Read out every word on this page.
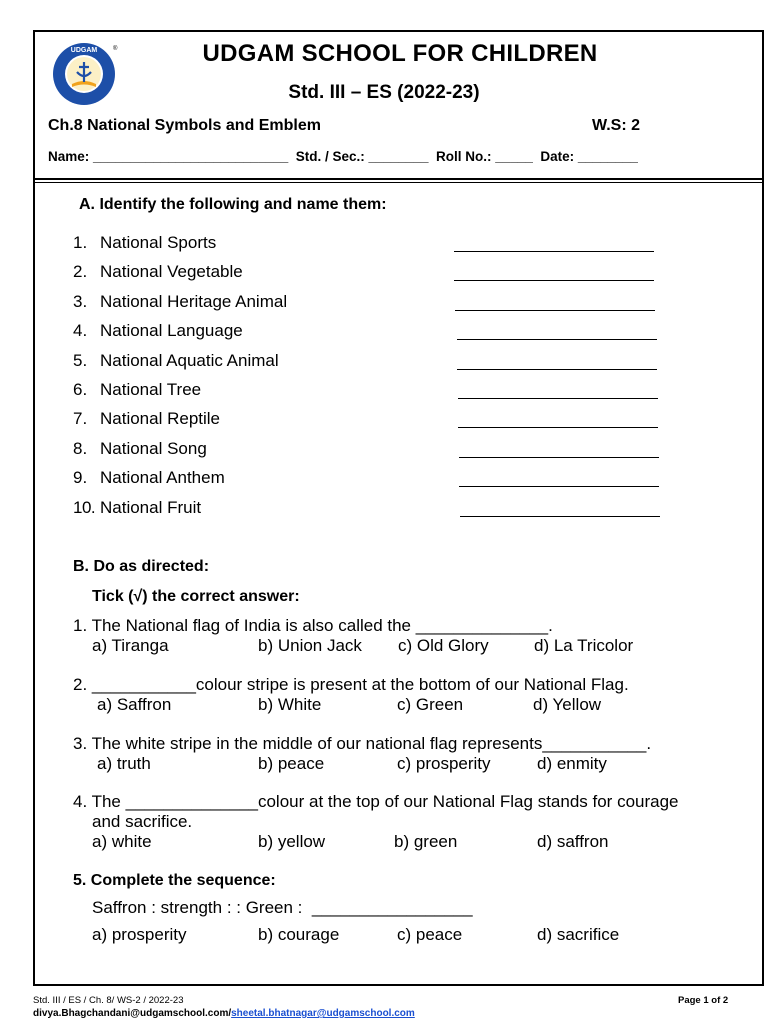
UDGAM	®	UDGAM SCHOOL FOR CHILDREN
Std. III – ES (2022-23)
Ch.8 National Symbols and Emblem	W.S: 2
Name: __________________________  Std. / Sec.: ________  Roll No.: _____  Date: ________
A. Identify the following and name them:
1. National Sports
2. National Vegetable
3. National Heritage Animal
4. National Language
5. National Aquatic Animal
6. National Tree
7. National Reptile
8. National Song
9. National Anthem
10. National Fruit
B. Do as directed:
Tick (√) the correct answer:
1. The National flag of India is also called the ______________.
a) Tiranga	b) Union Jack c) Old Glory	d) La Tricolor
2. ___________colour stripe is present at the bottom of our National Flag.
a) Saffron	b) White	c) Green	d) Yellow
3. The white stripe in the middle of our national flag represents___________.
a) truth	b) peace	c) prosperity	d) enmity
4. The ______________colour at the top of our National Flag stands for courage
and sacrifice.
a) white	b) yellow	b) green	d) saffron
5. Complete the sequence:
Saffron : strength : : Green :  _________________
a) prosperity	b) courage	c) peace	d) sacrifice
Std. III / ES / Ch. 8/ WS-2 / 2022-23	Page 1 of 2
divya.Bhagchandani@udgamschool.com/sheetal.bhatnagar@udgamschool.com
